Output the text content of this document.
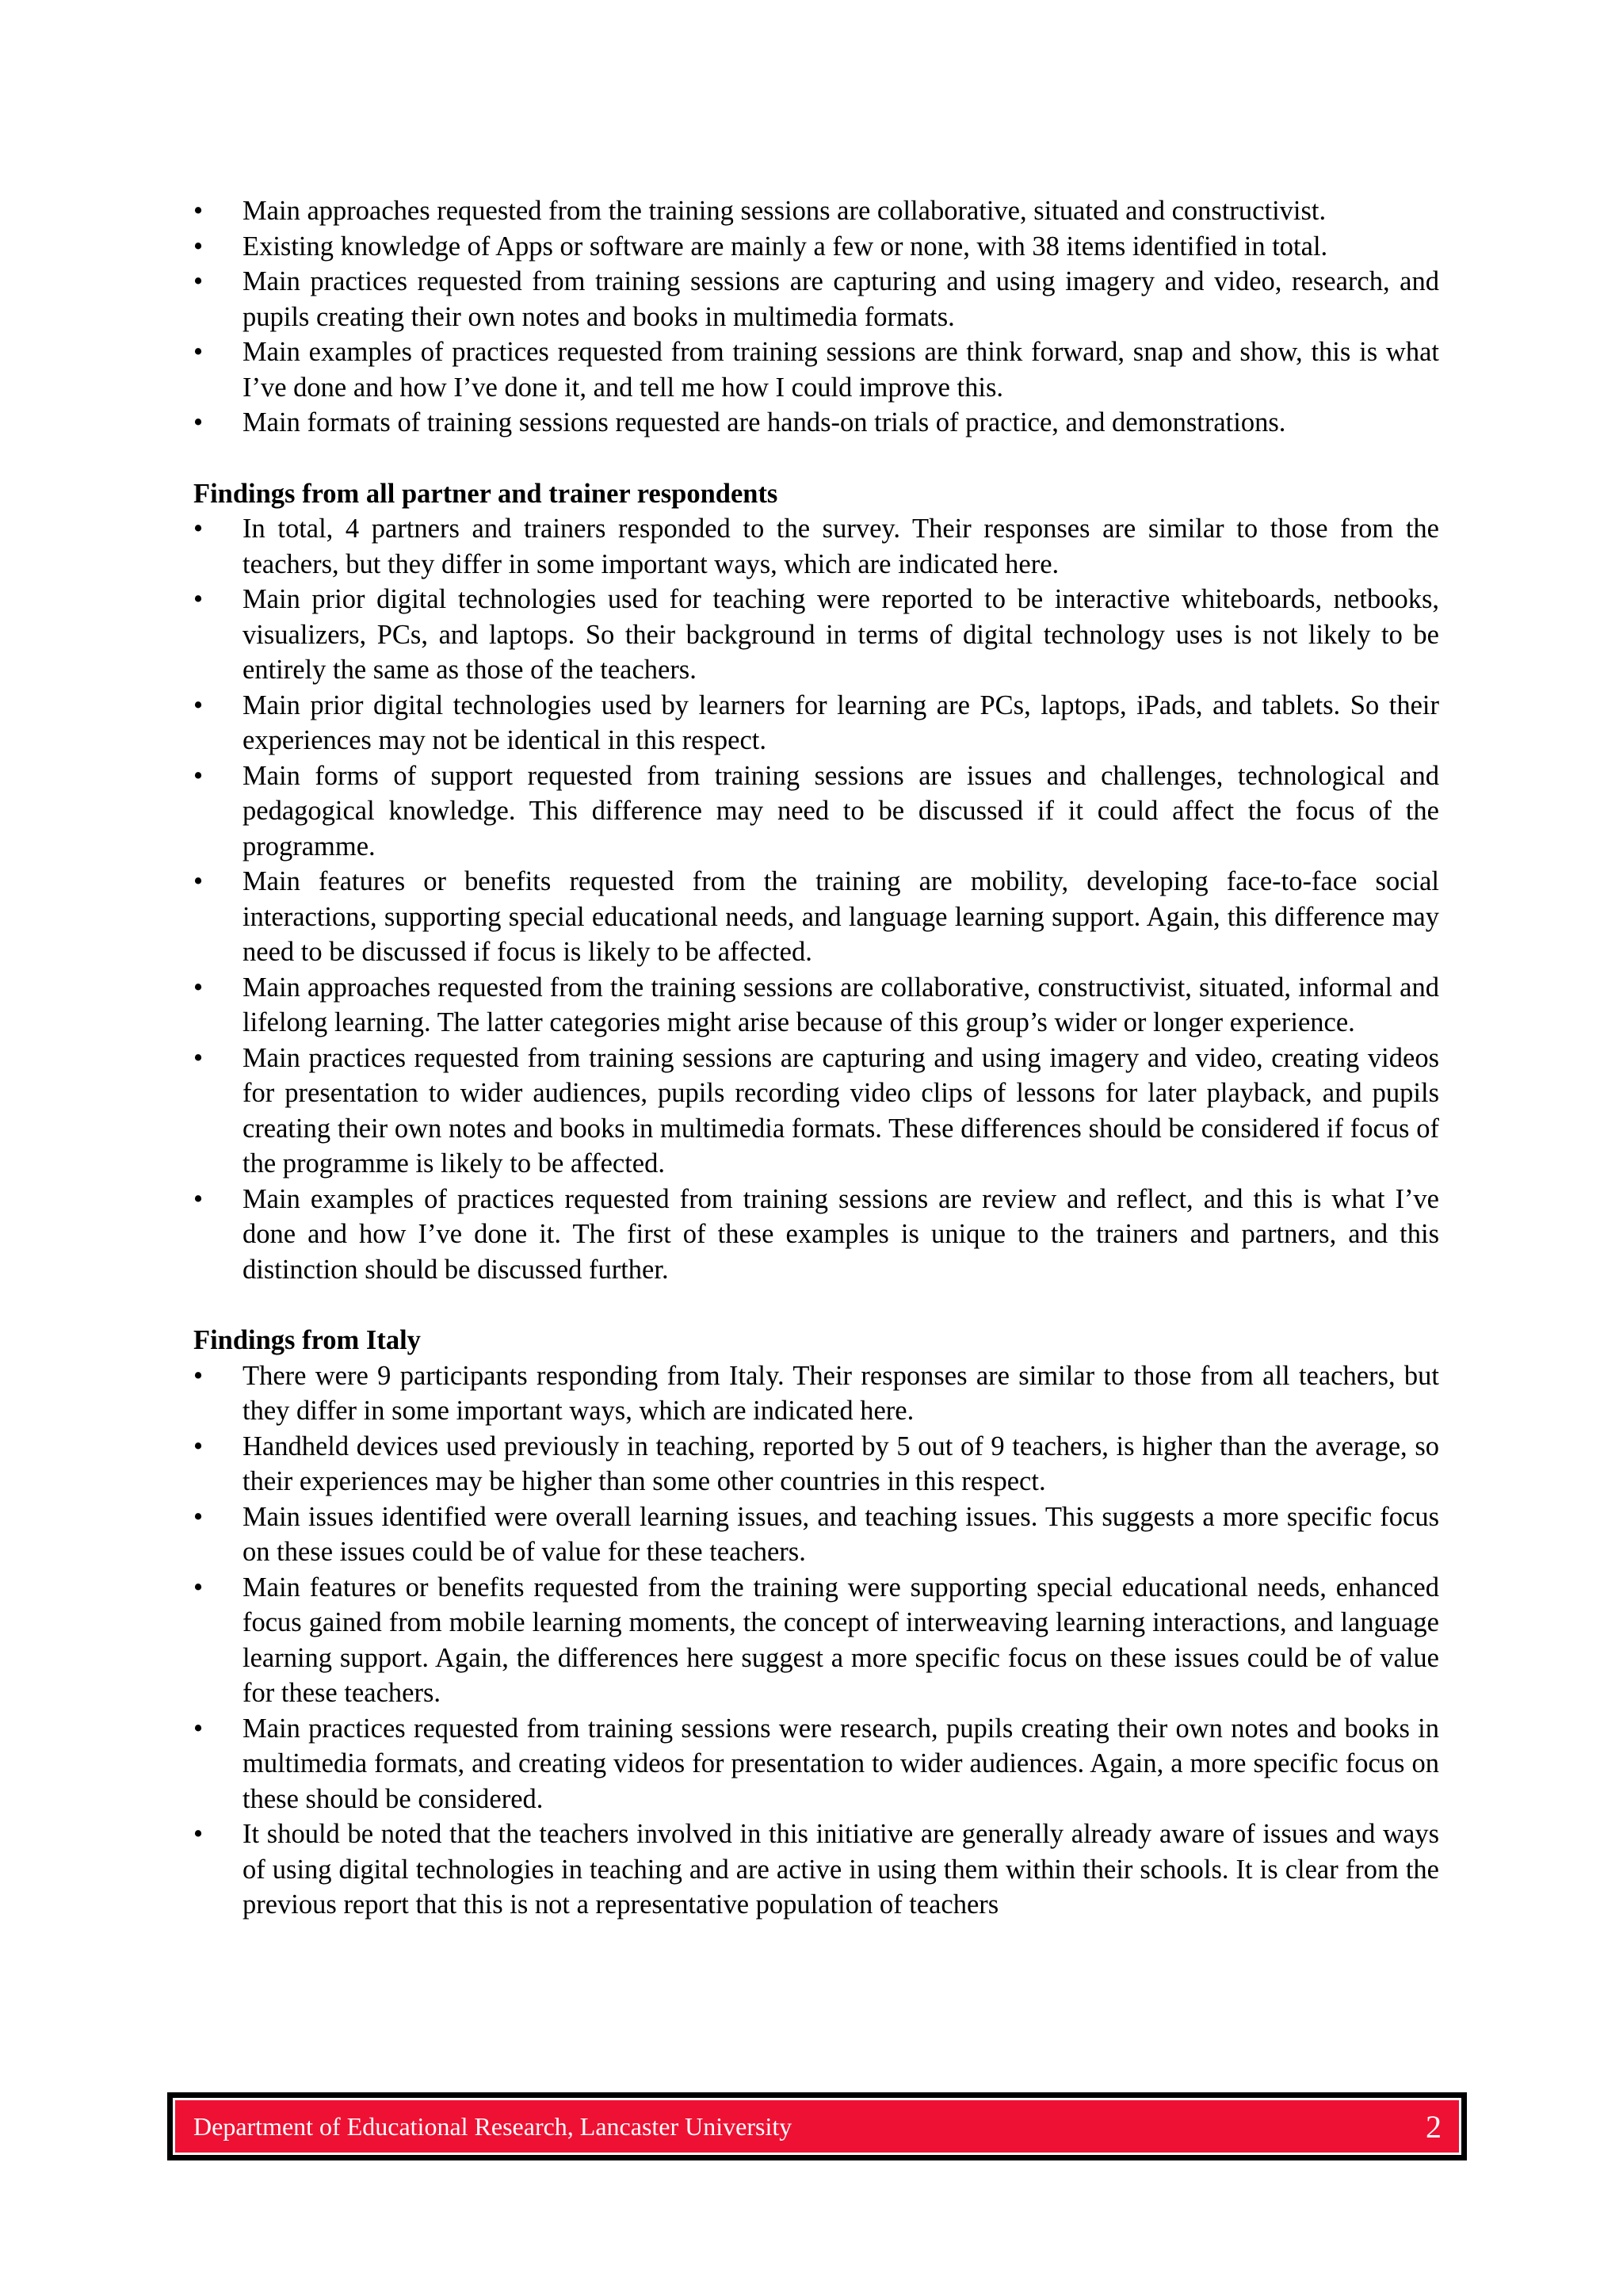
• Main approaches requested from the training sessions are collaborative, situated and constructivist.
• Existing knowledge of Apps or software are mainly a few or none, with 38 items identified in total.
• Main practices requested from training sessions are capturing and using imagery and video, research, and pupils creating their own notes and books in multimedia formats.
• Main examples of practices requested from training sessions are think forward, snap and show, this is what I’ve done and how I’ve done it, and tell me how I could improve this.
• Main formats of training sessions requested are hands-on trials of practice, and demonstrations.
Findings from all partner and trainer respondents
• In total, 4 partners and trainers responded to the survey. Their responses are similar to those from the teachers, but they differ in some important ways, which are indicated here.
• Main prior digital technologies used for teaching were reported to be interactive whiteboards, netbooks, visualizers, PCs, and laptops. So their background in terms of digital technology uses is not likely to be entirely the same as those of the teachers.
• Main prior digital technologies used by learners for learning are PCs, laptops, iPads, and tablets. So their experiences may not be identical in this respect.
• Main forms of support requested from training sessions are issues and challenges, technological and pedagogical knowledge. This difference may need to be discussed if it could affect the focus of the programme.
• Main features or benefits requested from the training are mobility, developing face-to-face social interactions, supporting special educational needs, and language learning support. Again, this difference may need to be discussed if focus is likely to be affected.
• Main approaches requested from the training sessions are collaborative, constructivist, situated, informal and lifelong learning. The latter categories might arise because of this group’s wider or longer experience.
• Main practices requested from training sessions are capturing and using imagery and video, creating videos for presentation to wider audiences, pupils recording video clips of lessons for later playback, and pupils creating their own notes and books in multimedia formats. These differences should be considered if focus of the programme is likely to be affected.
• Main examples of practices requested from training sessions are review and reflect, and this is what I’ve done and how I’ve done it. The first of these examples is unique to the trainers and partners, and this distinction should be discussed further.
Findings from Italy
• There were 9 participants responding from Italy. Their responses are similar to those from all teachers, but they differ in some important ways, which are indicated here.
• Handheld devices used previously in teaching, reported by 5 out of 9 teachers, is higher than the average, so their experiences may be higher than some other countries in this respect.
• Main issues identified were overall learning issues, and teaching issues. This suggests a more specific focus on these issues could be of value for these teachers.
• Main features or benefits requested from the training were supporting special educational needs, enhanced focus gained from mobile learning moments, the concept of interweaving learning interactions, and language learning support. Again, the differences here suggest a more specific focus on these issues could be of value for these teachers.
• Main practices requested from training sessions were research, pupils creating their own notes and books in multimedia formats, and creating videos for presentation to wider audiences. Again, a more specific focus on these should be considered.
• It should be noted that the teachers involved in this initiative are generally already aware of issues and ways of using digital technologies in teaching and are active in using them within their schools. It is clear from the previous report that this is not a representative population of teachers
Department of Educational Research, Lancaster University	2
